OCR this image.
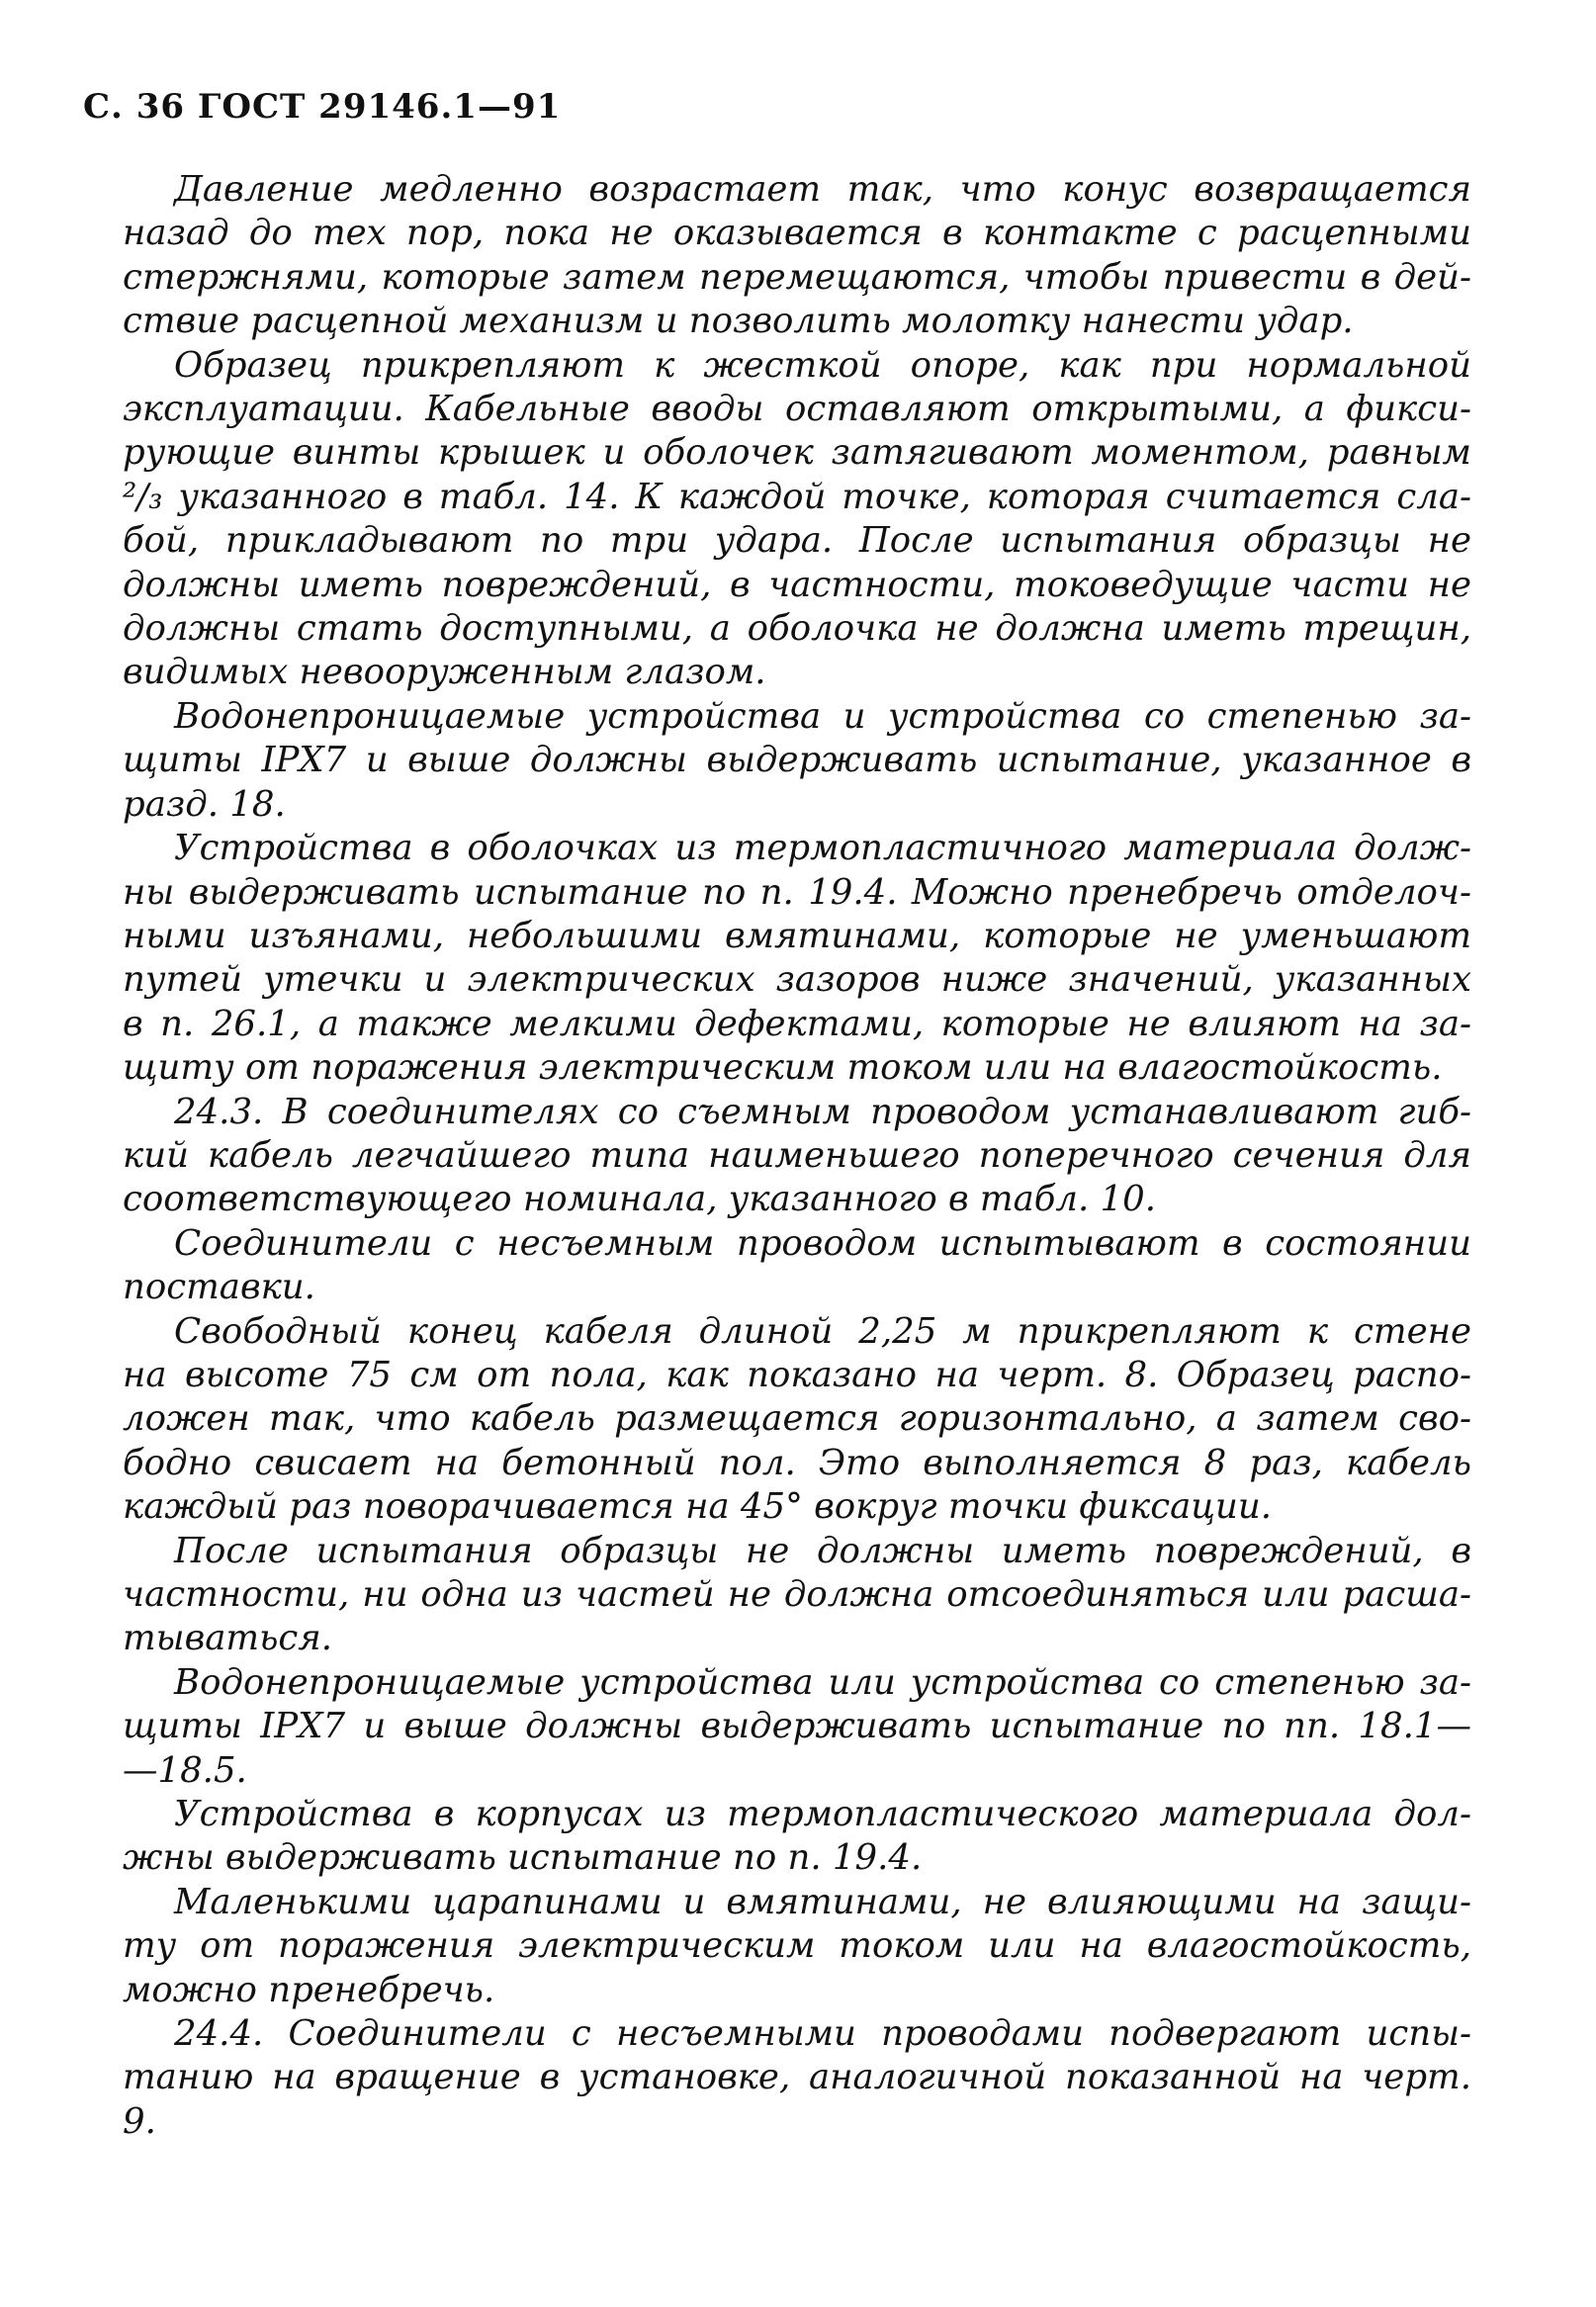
С. 36 ГОСТ 29146.1—91

Давление медленно возрастает так, что конус возвращается
назад до тех пор, пока не оказывается в контакте с расцепными
стержнями, которые затем перемещаются, чтобы привести в дей-
ствие расцепной механизм и позволить молотку нанести удар.

Образец прикрепляют к жесткой опоре, как при нормальной
эксплуатации. Кабельные вводы оставляют открытыми, а фикси-
рующие винты крышек и оболочек затягивают моментом, равным
²/₃ указанного в табл. 14. К каждой точке, которая считается сла-
бой, прикладывают по три удара. После испытания образцы не
должны иметь повреждений, в частности, токоведущие части не
должны стать доступными, а оболочка не должна иметь трещин,
видимых невооруженным глазом.

Водонепроницаемые устройства и устройства со степенью за-
щиты IPX7 и выше должны выдерживать испытание, указанное в
разд. 18.

Устройства в оболочках из термопластичного материала долж-
ны выдерживать испытание по п. 19.4. Можно пренебречь отделоч-
ными изъянами, небольшими вмятинами, которые не уменьшают
путей утечки и электрических зазоров ниже значений, указанных
в п. 26.1, а также мелкими дефектами, которые не влияют на за-
щиту от поражения электрическим током или на влагостойкость.

24.3. В соединителях со съемным проводом устанавливают гиб-
кий кабель легчайшего типа наименьшего поперечного сечения для
соответствующего номинала, указанного в табл. 10.

Соединители с несъемным проводом испытывают в состоянии
поставки.

Свободный конец кабеля длиной 2,25 м прикрепляют к стене
на высоте 75 см от пола, как показано на черт. 8. Образец распо-
ложен так, что кабель размещается горизонтально, а затем сво-
бодно свисает на бетонный пол. Это выполняется 8 раз, кабель
каждый раз поворачивается на 45° вокруг точки фиксации.

После испытания образцы не должны иметь повреждений, в
частности, ни одна из частей не должна отсоединяться или расша-
тываться.

Водонепроницаемые устройства или устройства со степенью за-
щиты IPX7 и выше должны выдерживать испытание по пп. 18.1—
—18.5.

Устройства в корпусах из термопластического материала дол-
жны выдерживать испытание по п. 19.4.

Маленькими царапинами и вмятинами, не влияющими на защи-
ту от поражения электрическим током или на влагостойкость,
можно пренебречь.

24.4. Соединители с несъемными проводами подвергают испы-
танию на вращение в установке, аналогичной показанной на черт.
9.
